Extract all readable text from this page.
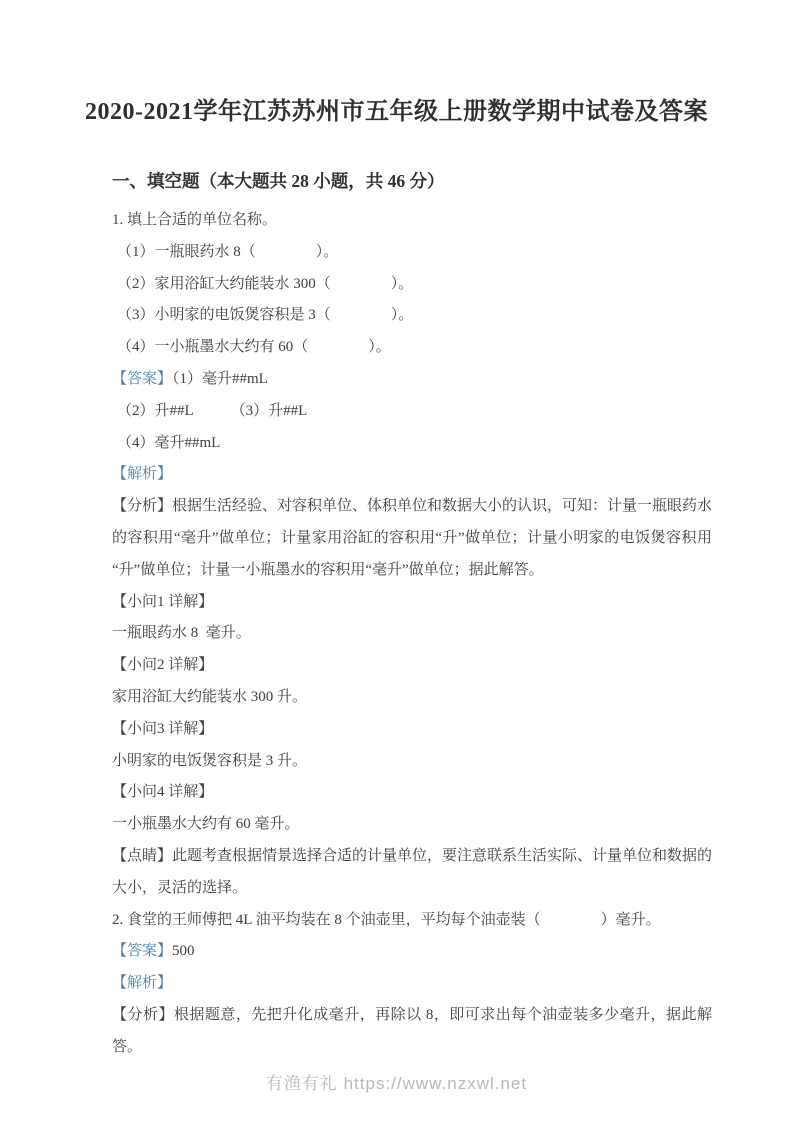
2020-2021学年江苏苏州市五年级上册数学期中试卷及答案
一、填空题（本大题共 28 小题，共 46 分）
1. 填上合适的单位名称。
（1）一瓶眼药水 8（　　　　）。
（2）家用浴缸大约能装水 300（　　　　）。
（3）小明家的电饭煲容积是 3（　　　　）。
（4）一小瓶墨水大约有 60（　　　　）。
【答案】（1）毫升##mL
（2）升##L　　　（3）升##L
（4）毫升##mL
【解析】
【分析】根据生活经验、对容积单位、体积单位和数据大小的认识，可知：计量一瓶眼药水的容积用“毫升”做单位；计量家用浴缸的容积用“升”做单位；计量小明家的电饭煲容积用“升”做单位；计量一小瓶墨水的容积用“毫升”做单位；据此解答。
【小问1 详解】
一瓶眼药水 8  毫升。
【小问2 详解】
家用浴缸大约能装水 300 升。
【小问3 详解】
小明家的电饭煲容积是 3 升。
【小问4 详解】
一小瓶墨水大约有 60 毫升。
【点睛】此题考查根据情景选择合适的计量单位，要注意联系生活实际、计量单位和数据的大小，灵活的选择。
2. 食堂的王师傅把 4L 油平均装在 8 个油壶里，平均每个油壶装（　　　　）毫升。
【答案】500
【解析】
【分析】根据题意，先把升化成毫升，再除以 8，即可求出每个油壶装多少毫升，据此解答。
有渔有礼 https://www.nzxwl.net
